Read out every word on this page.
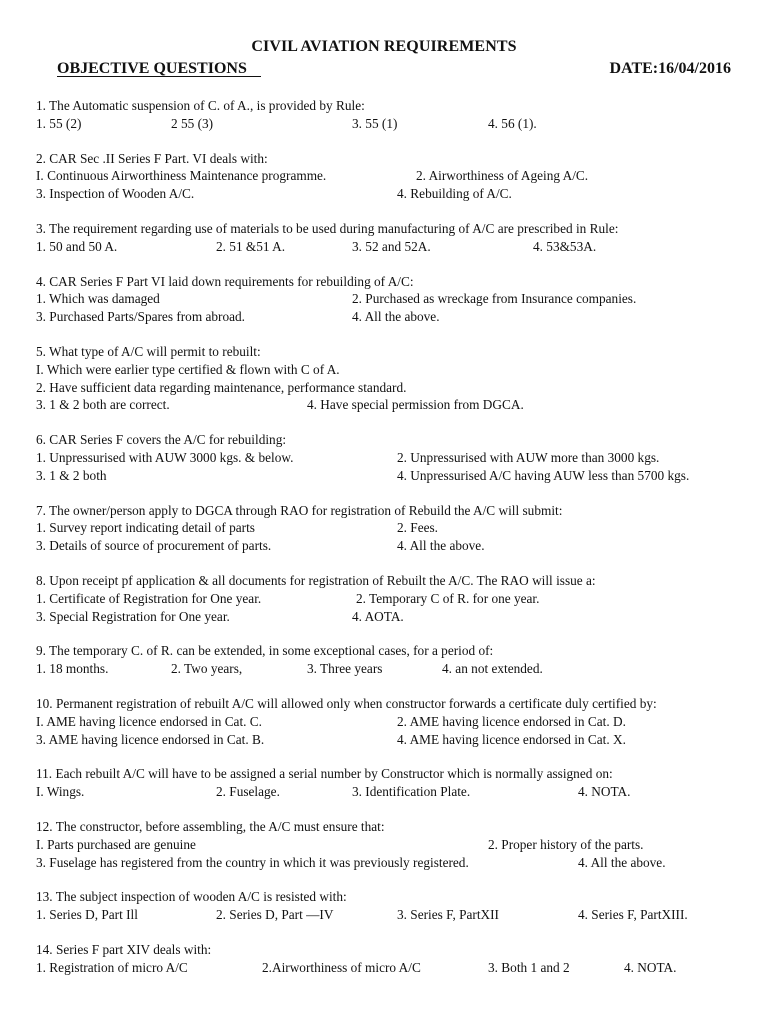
CIVIL AVIATION REQUIREMENTS
OBJECTIVE QUESTIONS	DATE:16/04/2016
1. The Automatic suspension of C. of A., is provided by Rule:
1. 55 (2)	2 55 (3)	3. 55 (1)	4. 56 (1).
2. CAR Sec .II Series F Part. VI deals with:
I. Continuous Airworthiness Maintenance programme.	2. Airworthiness of Ageing A/C.
3. Inspection of Wooden A/C.	4. Rebuilding of A/C.
3. The requirement regarding use of materials to be used during manufacturing of A/C are prescribed in Rule:
1. 50 and 50 A.	2. 51 &51 A.	3. 52 and 52A.	4. 53&53A.
4. CAR Series F Part VI laid down requirements for rebuilding of A/C:
1. Which was damaged	2. Purchased as wreckage from Insurance companies.
3. Purchased Parts/Spares from abroad.	4. All the above.
5. What type of A/C will permit to rebuilt:
I. Which were earlier type certified & flown with C of A.
2. Have sufficient data regarding maintenance, performance standard.
3. 1 & 2 both are correct.	4. Have special permission from DGCA.
6. CAR Series F covers the A/C for rebuilding:
1. Unpressurised with AUW 3000 kgs. & below.	2. Unpressurised with AUW more than 3000 kgs.
3. 1 & 2 both	4. Unpressurised A/C having AUW less than 5700 kgs.
7. The owner/person apply to DGCA through RAO for registration of Rebuild the A/C will submit:
1. Survey report indicating detail of parts	2. Fees.
3. Details of source of procurement of parts.	4. All the above.
8. Upon receipt pf application & all documents for registration of Rebuilt the A/C. The RAO will issue a:
1. Certificate of Registration for One year.	2. Temporary C of R. for one year.
3. Special Registration for One year.	4. AOTA.
9. The temporary C. of R. can be extended, in some exceptional cases, for a period of:
1. 18 months.	2. Two years,	3. Three years	4. an not extended.
10. Permanent registration of rebuilt A/C will allowed only when constructor forwards a certificate duly certified by:
I. AME having licence endorsed in Cat. C.	2. AME having licence endorsed in Cat. D.
3. AME having licence endorsed in Cat. B.	4. AME having licence endorsed in Cat. X.
11. Each rebuilt A/C will have to be assigned a serial number by Constructor which is normally assigned on:
I. Wings.	2. Fuselage.	3. Identification Plate.	4. NOTA.
12. The constructor, before assembling, the A/C must ensure that:
I. Parts purchased are genuine	2. Proper history of the parts.
3. Fuselage has registered from the country in which it was previously registered.	4. All the above.
13. The subject inspection of wooden A/C is resisted with:
1. Series D, Part Ill	2. Series D, Part —IV	3. Series F, PartXII	4. Series F, PartXIII.
14. Series F part XIV deals with:
1. Registration of micro A/C	2.Airworthiness of micro A/C	3. Both 1 and 2	4. NOTA.
